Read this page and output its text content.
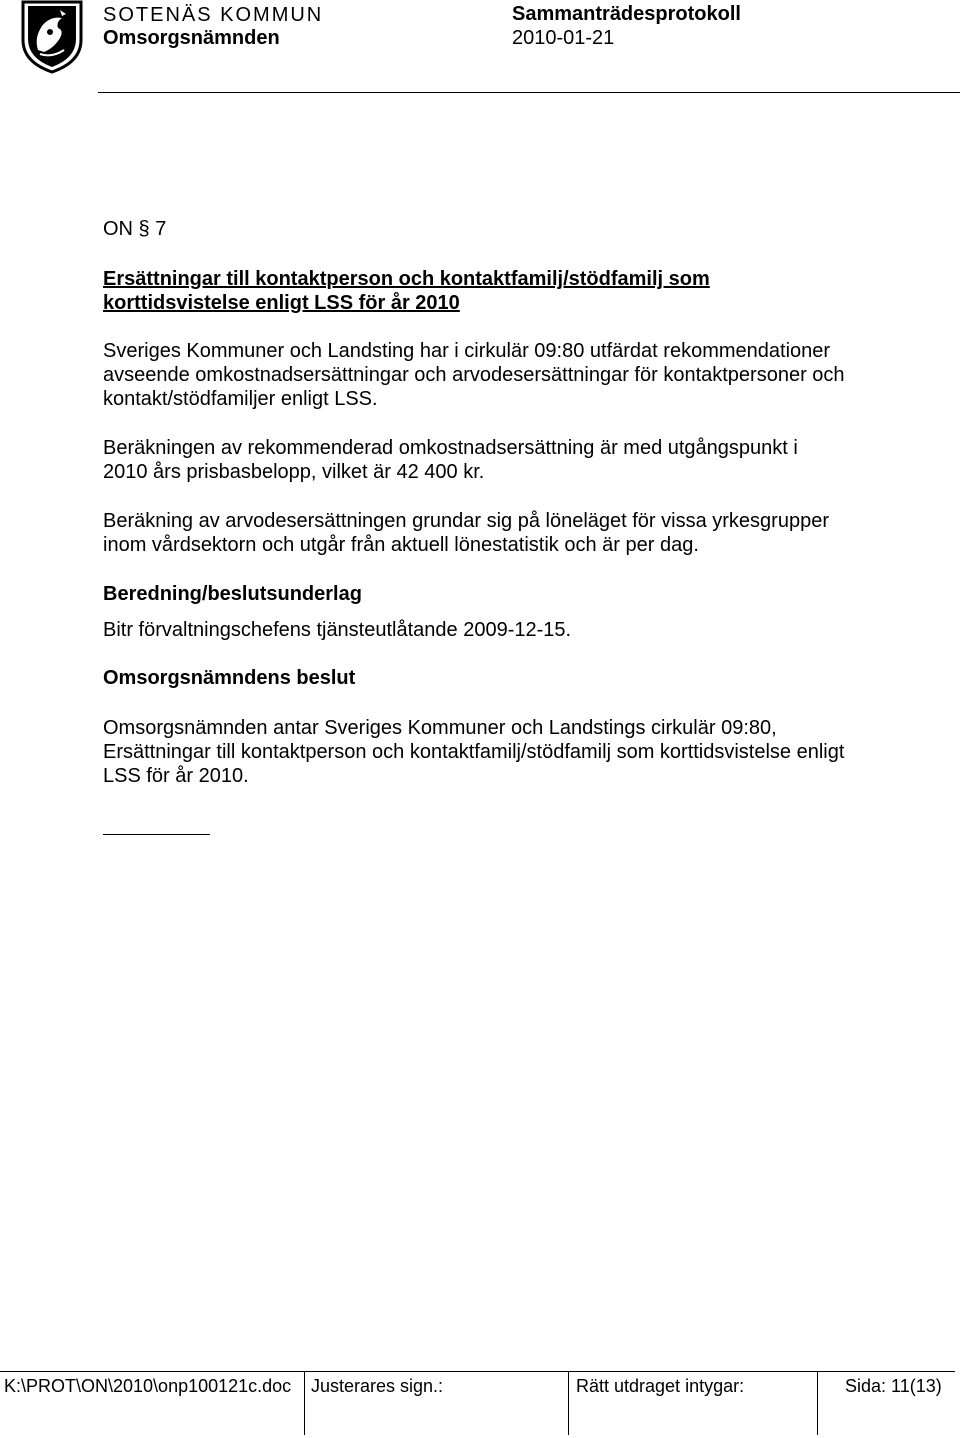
SOTENÄS KOMMUN
Omsorgsnämnden
Sammanträdesprotokoll
2010-01-21
ON § 7
Ersättningar till kontaktperson och kontaktfamilj/stödfamilj som
korttidsvistelse enligt LSS för år 2010
Sveriges Kommuner och Landsting har i cirkulär 09:80 utfärdat rekommendationer
avseende omkostnadsersättningar och arvodesersättningar för kontaktpersoner och
kontakt/stödfamiljer enligt LSS.
Beräkningen av rekommenderad omkostnadsersättning är med utgångspunkt i
2010 års prisbasbelopp, vilket är 42 400 kr.
Beräkning av arvodesersättningen grundar sig på löneläget för vissa yrkesgrupper
inom vårdsektorn och utgår från aktuell lönestatistik och är per dag.
Beredning/beslutsunderlag
Bitr förvaltningschefens tjänsteutlåtande 2009-12-15.
Omsorgsnämndens beslut
Omsorgsnämnden antar Sveriges Kommuner och Landstings cirkulär 09:80,
Ersättningar till kontaktperson och kontaktfamilj/stödfamilj som korttidsvistelse enligt
LSS för år 2010.
K:\PROT\ON\2010\onp100121c.doc Justerares sign.:	Rätt utdraget intygar:	Sida: 11(13)
